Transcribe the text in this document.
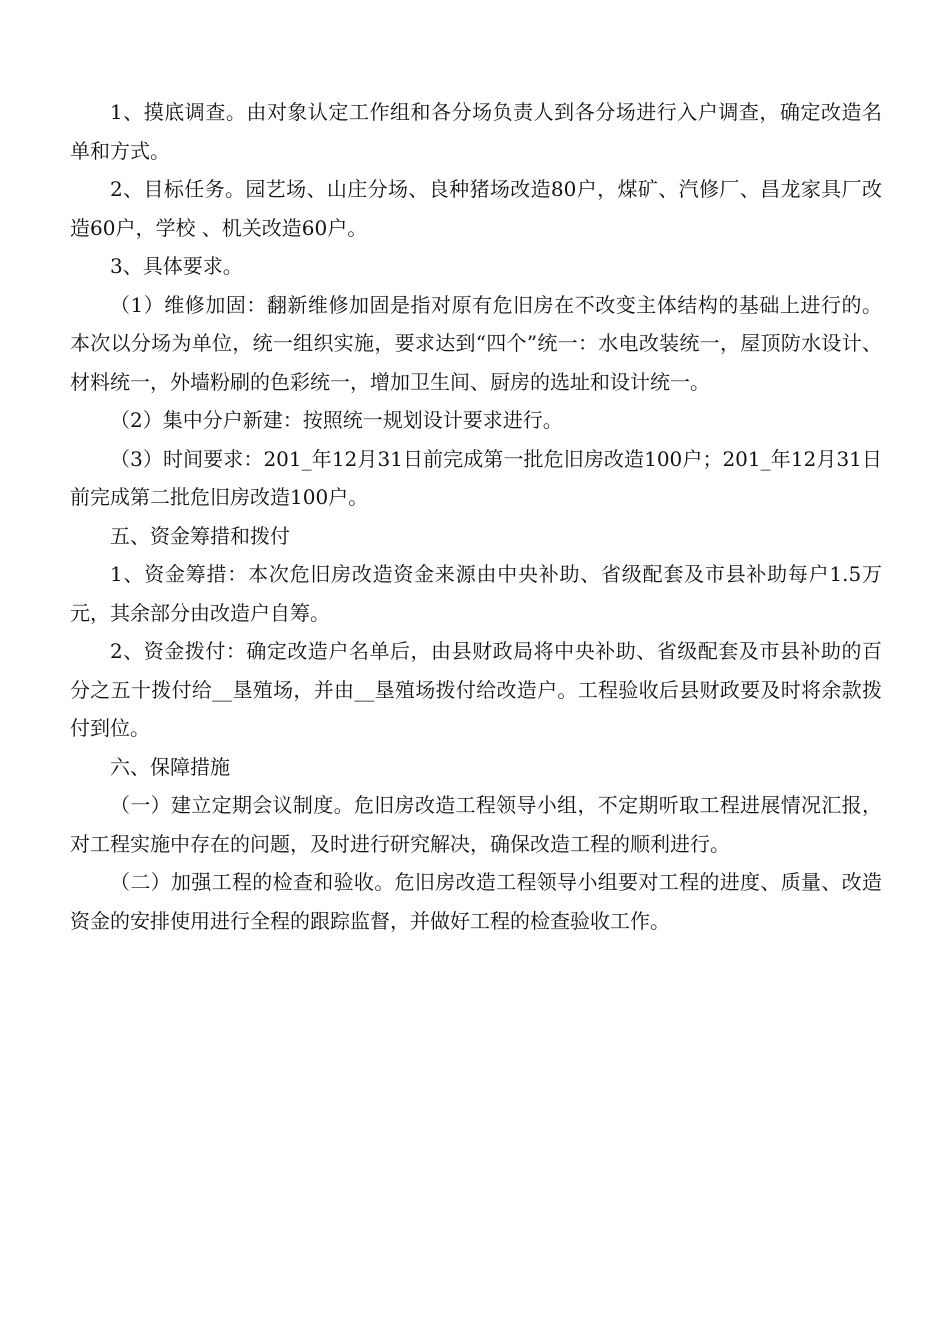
1、摸底调查。由对象认定工作组和各分场负责人到各分场进行入户调查，确定改造名单和方式。

2、目标任务。园艺场、山庄分场、良种猪场改造80户，煤矿、汽修厂、昌龙家具厂改造60户，学校 、机关改造60户。

3、具体要求。

（1）维修加固：翻新维修加固是指对原有危旧房在不改变主体结构的基础上进行的。本次以分场为单位，统一组织实施，要求达到“四个”统一：水电改装统一，屋顶防水设计、材料统一，外墙粉刷的色彩统一，增加卫生间、厨房的选址和设计统一。

（2）集中分户新建：按照统一规划设计要求进行。

（3）时间要求：201_年12月31日前完成第一批危旧房改造100户；201_年12月31日前完成第二批危旧房改造100户。

五、资金筹措和拨付

1、资金筹措：本次危旧房改造资金来源由中央补助、省级配套及市县补助每户1.5万元，其余部分由改造户自筹。

2、资金拨付：确定改造户名单后，由县财政局将中央补助、省级配套及市县补助的百分之五十拨付给__垦殖场，并由__垦殖场拨付给改造户。工程验收后县财政要及时将余款拨付到位。

六、保障措施

（一）建立定期会议制度。危旧房改造工程领导小组，不定期听取工程进展情况汇报，对工程实施中存在的问题，及时进行研究解决，确保改造工程的顺利进行。

（二）加强工程的检查和验收。危旧房改造工程领导小组要对工程的进度、质量、改造资金的安排使用进行全程的跟踪监督，并做好工程的检查验收工作。
